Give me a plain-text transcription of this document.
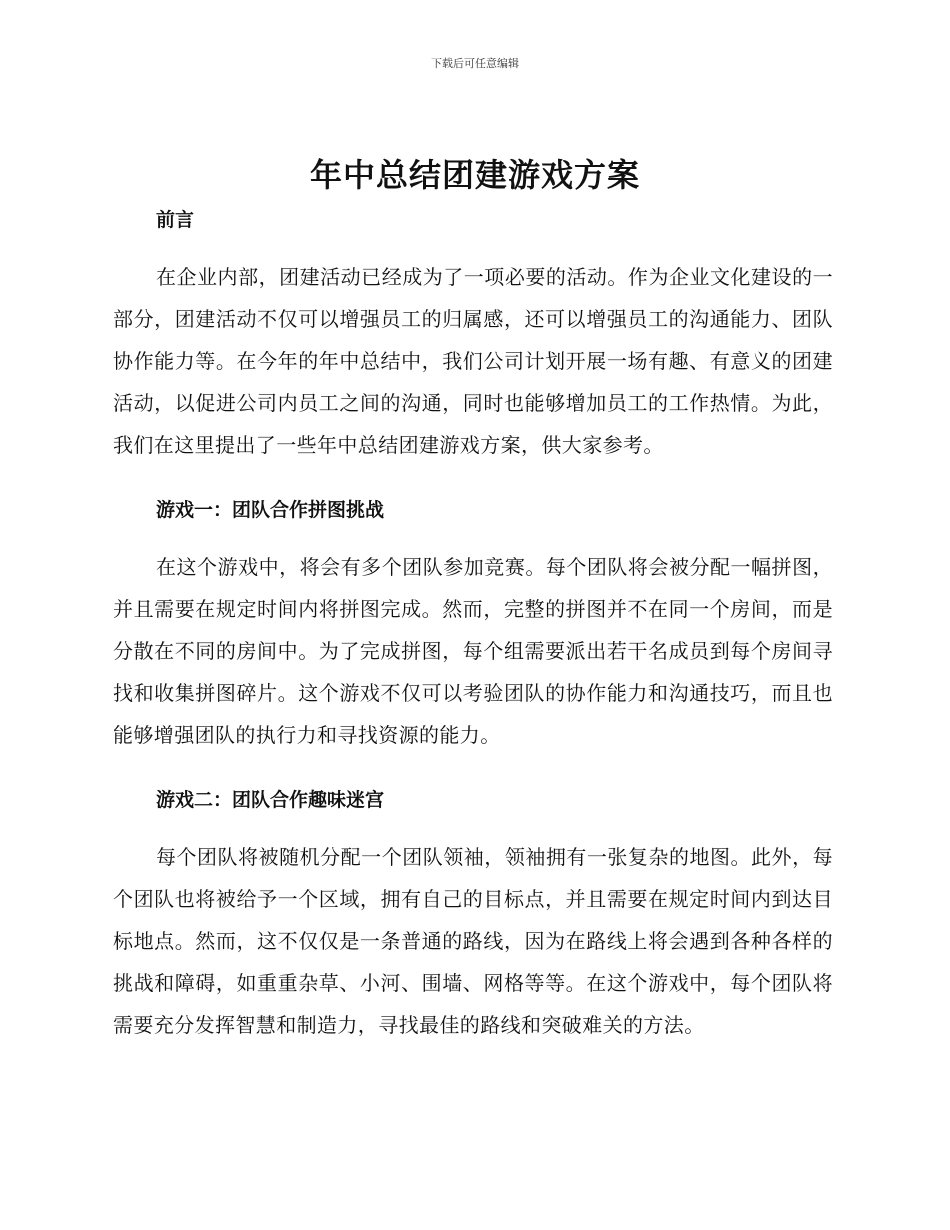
下载后可任意编辑
年中总结团建游戏方案
前言

在企业内部，团建活动已经成为了一项必要的活动。作为企业文化建设的一部分，团建活动不仅可以增强员工的归属感，还可以增强员工的沟通能力、团队协作能力等。在今年的年中总结中，我们公司计划开展一场有趣、有意义的团建活动，以促进公司内员工之间的沟通，同时也能够增加员工的工作热情。为此，我们在这里提出了一些年中总结团建游戏方案，供大家参考。

游戏一：团队合作拼图挑战

在这个游戏中，将会有多个团队参加竞赛。每个团队将会被分配一幅拼图，并且需要在规定时间内将拼图完成。然而，完整的拼图并不在同一个房间，而是分散在不同的房间中。为了完成拼图，每个组需要派出若干名成员到每个房间寻找和收集拼图碎片。这个游戏不仅可以考验团队的协作能力和沟通技巧，而且也能够增强团队的执行力和寻找资源的能力。

游戏二：团队合作趣味迷宫

每个团队将被随机分配一个团队领袖，领袖拥有一张复杂的地图。此外，每个团队也将被给予一个区域，拥有自己的目标点，并且需要在规定时间内到达目标地点。然而，这不仅仅是一条普通的路线，因为在路线上将会遇到各种各样的挑战和障碍，如重重杂草、小河、围墙、网格等等。在这个游戏中，每个团队将需要充分发挥智慧和制造力，寻找最佳的路线和突破难关的方法。
